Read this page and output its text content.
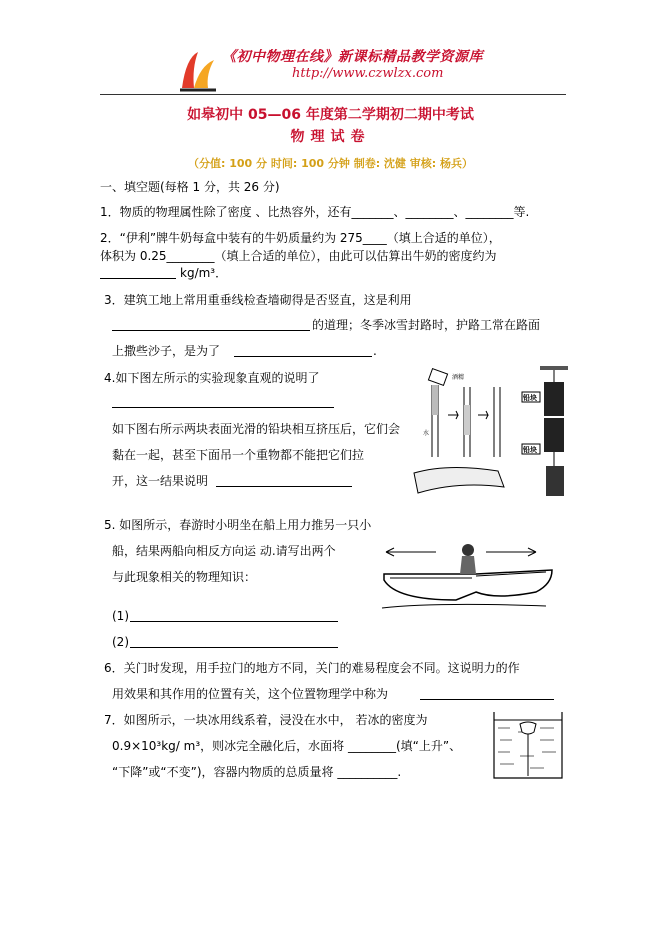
《初中物理在线》新课标精品教学资源库
http://www.czwlzx.com
如皋初中 05—06 年度第二学期初二期中考试
物理试卷
（分值: 100 分 时间: 100 分钟 制卷: 沈健 审核: 杨兵）
一、填空题(每格 1 分，共 26 分)
1．物质的物理属性除了密度 、比热容外，还有_______、________、________等.
2．“伊利”牌牛奶每盒中装有的牛奶质量约为 275____（填上合适的单位），
体积为 0.25________（填上合适的单位），由此可以估算出牛奶的密度约为
kg/m³．
3．建筑工地上常用重垂线检查墙砌得是否竖直，这是利用
的道理；冬季冰雪封路时，护路工常在路面
上撒些沙子，是为了	.
4.如下图左所示的实验现象直观的说明了
如下图右所示两块表面光滑的铅块相互挤压后，它们会
黏在一起，甚至下面吊一个重物都不能把它们拉
开，这一结果说明
酒精
水
铅块
铅块
5. 如图所示，春游时小明坐在船上用力推另一只小
船，结果两船向相反方向运 动.请写出两个
与此现象相关的物理知识：
(1)
(2)
6．关门时发现，用手拉门的地方不同，关门的难易程度会不同。这说明力的作
用效果和其作用的位置有关，这个位置物理学中称为
7．如图所示，一块冰用线系着，浸没在水中， 若冰的密度为
0.9×10³kg/ m³，则冰完全融化后，水面将 ________(填“上升”、
“下降”或“不变”)，容器内物质的总质量将 __________.
